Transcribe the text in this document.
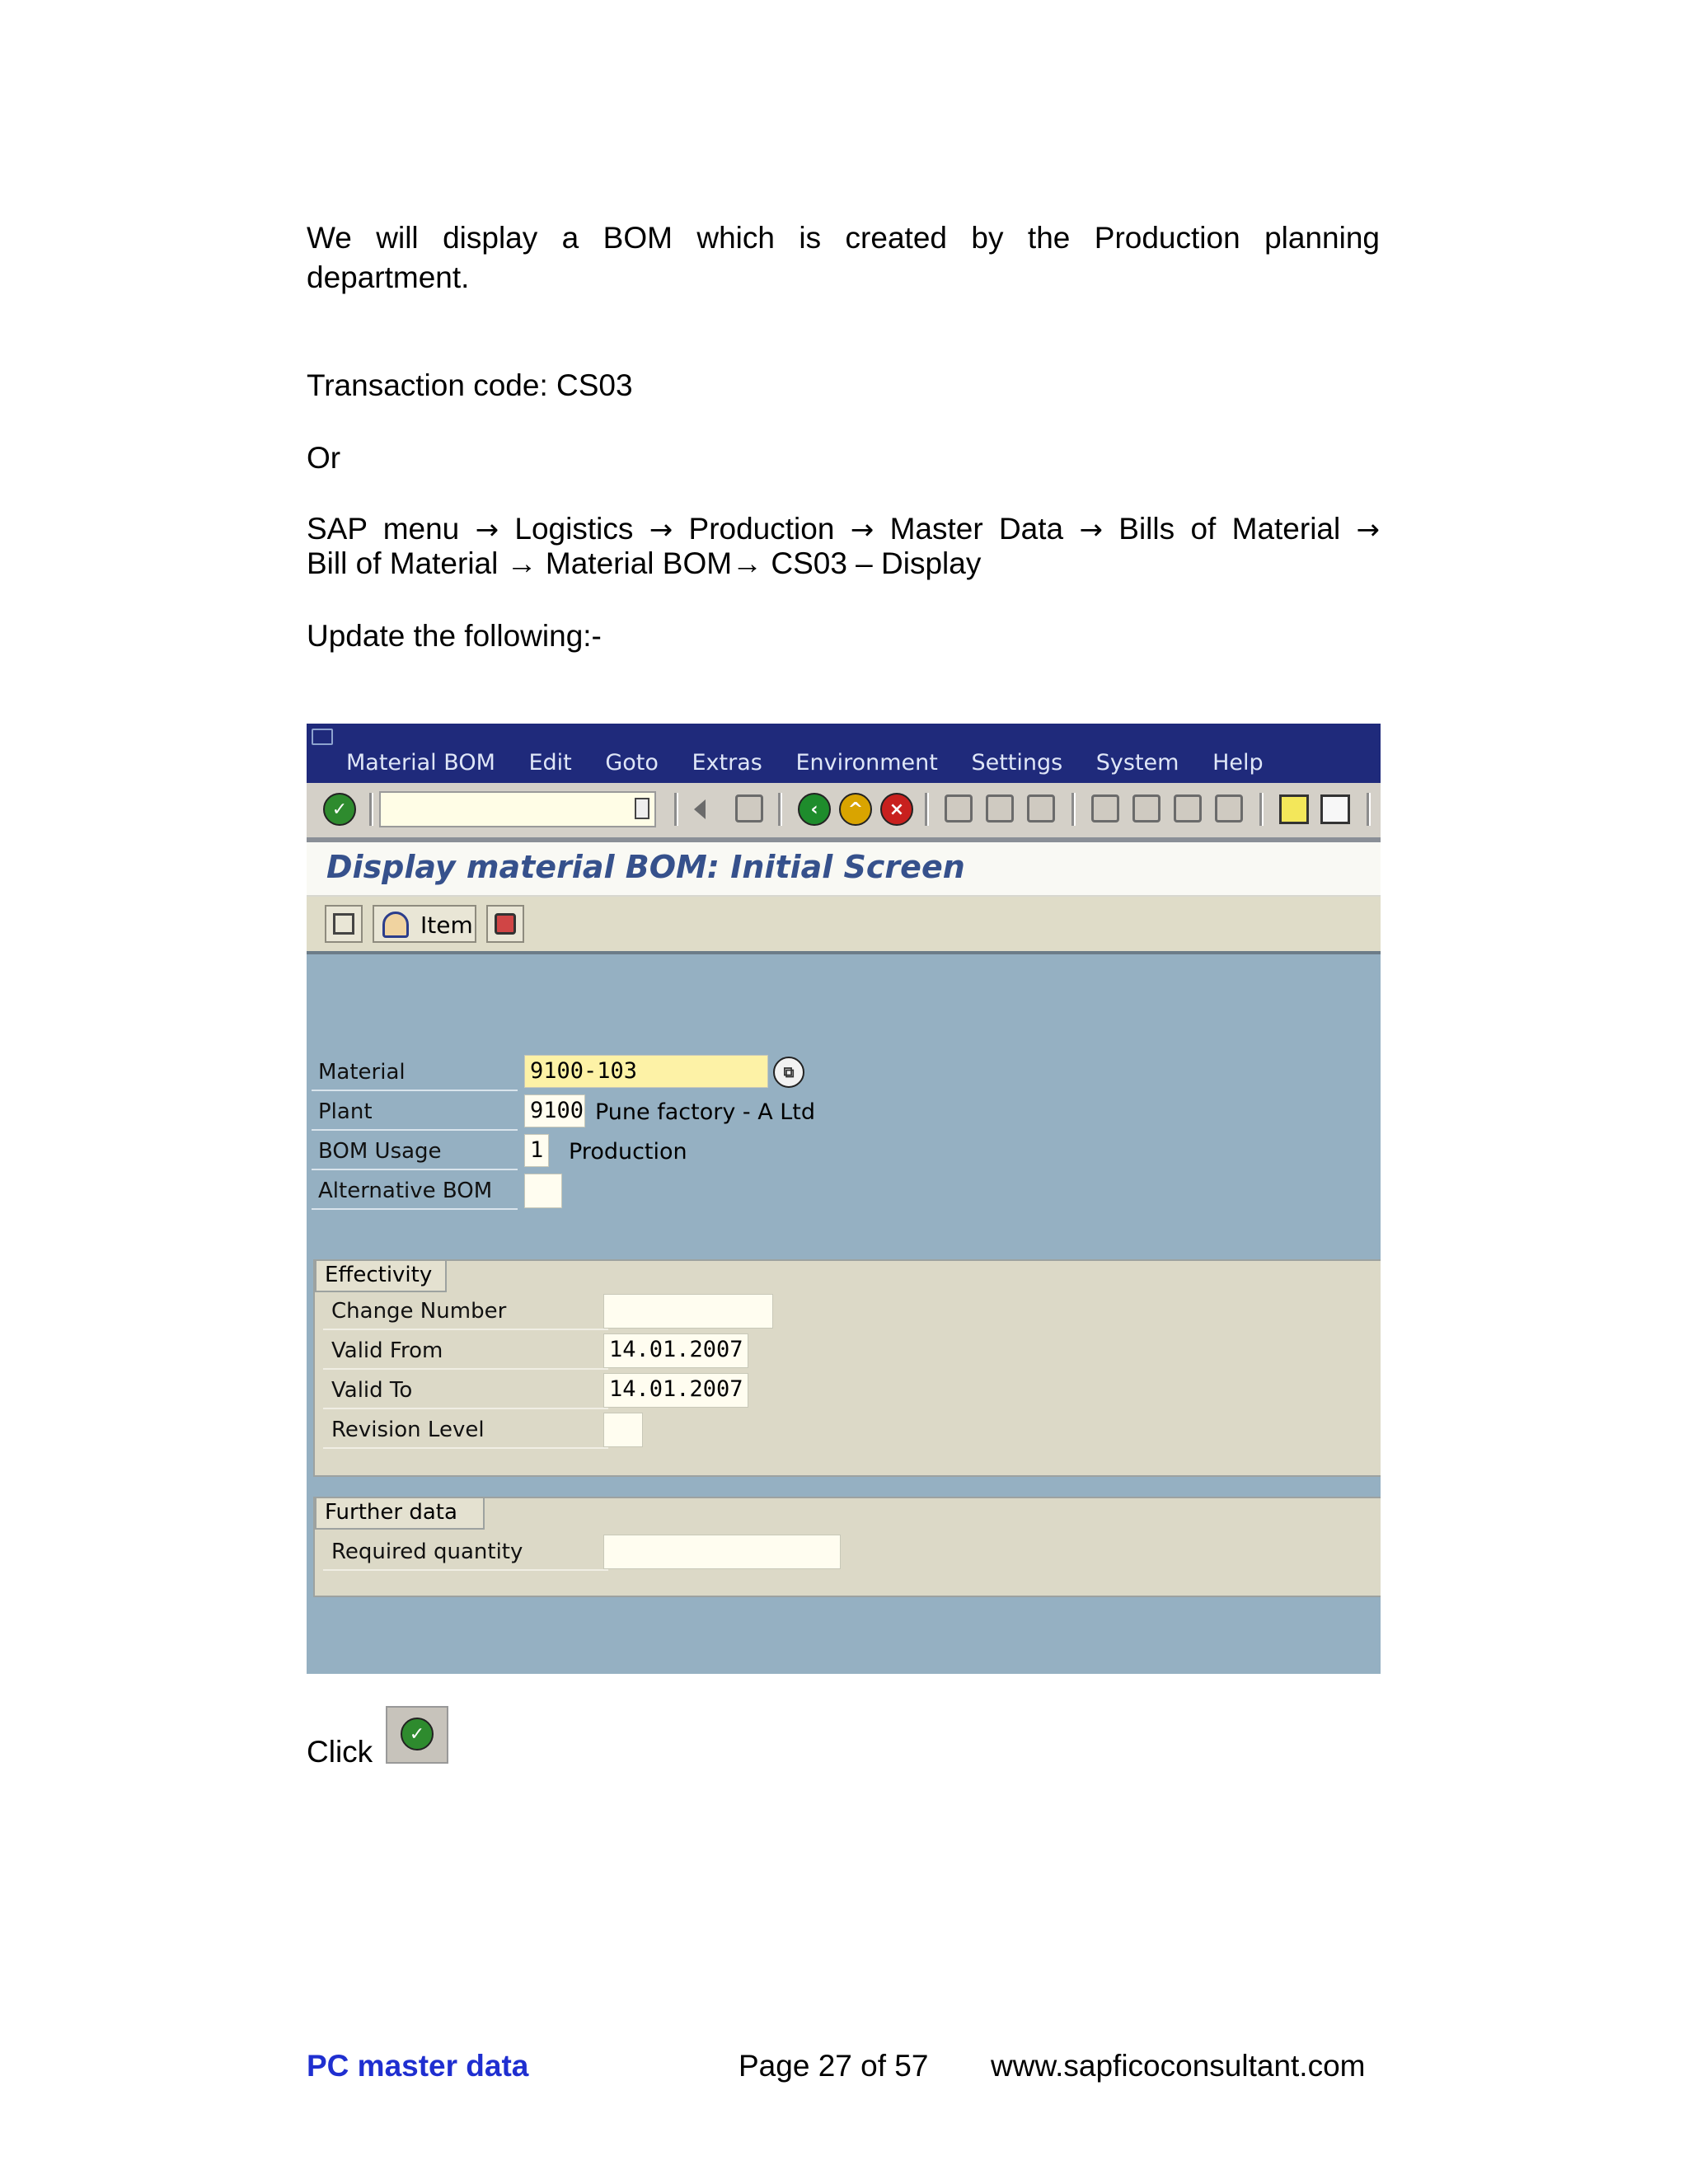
We will display a BOM which is created by the Production planning

department.

Transaction code: CS03

Or

SAP menu → Logistics → Production → Master Data → Bills of Material →

Bill of Material → Material BOM→ CS03 – Display

Update the following:-

Material BOM Edit Goto Extras Environment Settings System Help
✓	‹	^	×
Display material BOM: Initial Screen
Item
Material	9100-103	⧉
Plant	9100 Pune factory - A Ltd
BOM Usage	1 Production
Alternative BOM
Effectivity
Change Number
Valid From	14.01.2007
Valid To	14.01.2007
Revision Level
Further data
Required quantity

Click

✓
PC master data	Page 27 of 57 www.sapficoconsultant.com
